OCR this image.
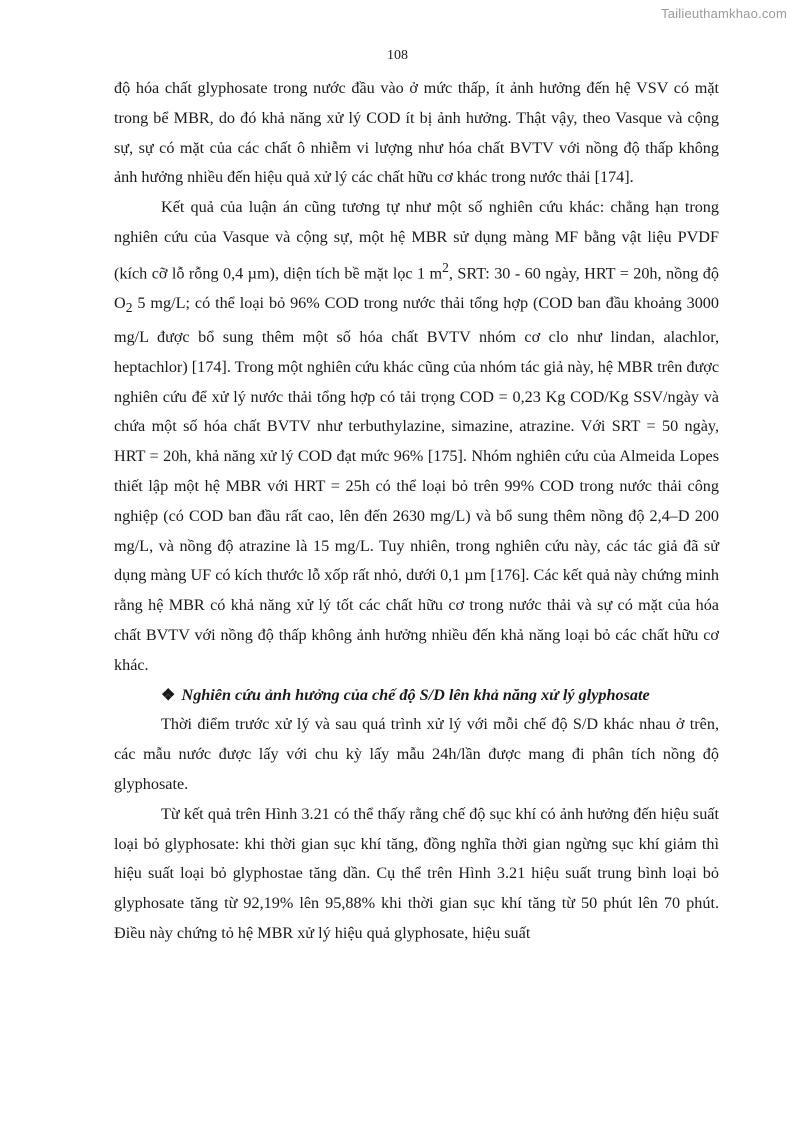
Tailieuthamkhao.com
108

độ hóa chất glyphosate trong nước đầu vào ở mức thấp, ít ảnh hưởng đến hệ VSV có mặt trong bể MBR, do đó khả năng xử lý COD ít bị ảnh hưởng. Thật vậy, theo Vasque và cộng sự, sự có mặt của các chất ô nhiễm vi lượng như hóa chất BVTV với nồng độ thấp không ảnh hưởng nhiều đến hiệu quả xử lý các chất hữu cơ khác trong nước thải [174].

Kết quả của luận án cũng tương tự như một số nghiên cứu khác: chẳng hạn trong nghiên cứu của Vasque và cộng sự, một hệ MBR sử dụng màng MF bằng vật liệu PVDF (kích cỡ lỗ rỗng 0,4 µm), diện tích bề mặt lọc 1 $m^2$, SRT: 30 - 60 ngày, HRT = 20h, nồng độ $O_2$ 5 mg/L; có thể loại bỏ 96% COD trong nước thải tổng hợp (COD ban đầu khoảng 3000 mg/L được bổ sung thêm một số hóa chất BVTV nhóm cơ clo như lindan, alachlor, heptachlor) [174]. Trong một nghiên cứu khác cũng của nhóm tác giả này, hệ MBR trên được nghiên cứu để xử lý nước thải tổng hợp có tải trọng COD = 0,23 Kg COD/Kg SSV/ngày và chứa một số hóa chất BVTV như terbuthylazine, simazine, atrazine. Với SRT = 50 ngày, HRT = 20h, khả năng xử lý COD đạt mức 96% [175]. Nhóm nghiên cứu của Almeida Lopes thiết lập một hệ MBR với HRT = 25h có thể loại bỏ trên 99% COD trong nước thải công nghiệp (có COD ban đầu rất cao, lên đến 2630 mg/L) và bổ sung thêm nồng độ 2,4–D 200 mg/L, và nồng độ atrazine là 15 mg/L. Tuy nhiên, trong nghiên cứu này, các tác giả đã sử dụng màng UF có kích thước lỗ xốp rất nhỏ, dưới 0,1 µm [176]. Các kết quả này chứng minh rằng hệ MBR có khả năng xử lý tốt các chất hữu cơ trong nước thải và sự có mặt của hóa chất BVTV với nồng độ thấp không ảnh hưởng nhiều đến khả năng loại bỏ các chất hữu cơ khác.

❖ Nghiên cứu ảnh hưởng của chế độ S/D lên khả năng xử lý glyphosate

Thời điểm trước xử lý và sau quá trình xử lý với mỗi chế độ S/D khác nhau ở trên, các mẫu nước được lấy với chu kỳ lấy mẫu 24h/lần được mang đi phân tích nồng độ glyphosate.

Từ kết quả trên Hình 3.21 có thể thấy rằng chế độ sục khí có ảnh hưởng đến hiệu suất loại bỏ glyphosate: khi thời gian sục khí tăng, đồng nghĩa thời gian ngừng sục khí giảm thì hiệu suất loại bỏ glyphostae tăng dần. Cụ thể trên Hình 3.21 hiệu suất trung bình loại bỏ glyphosate tăng từ 92,19% lên 95,88% khi thời gian sục khí tăng từ 50 phút lên 70 phút. Điều này chứng tỏ hệ MBR xử lý hiệu quả glyphosate, hiệu suất
